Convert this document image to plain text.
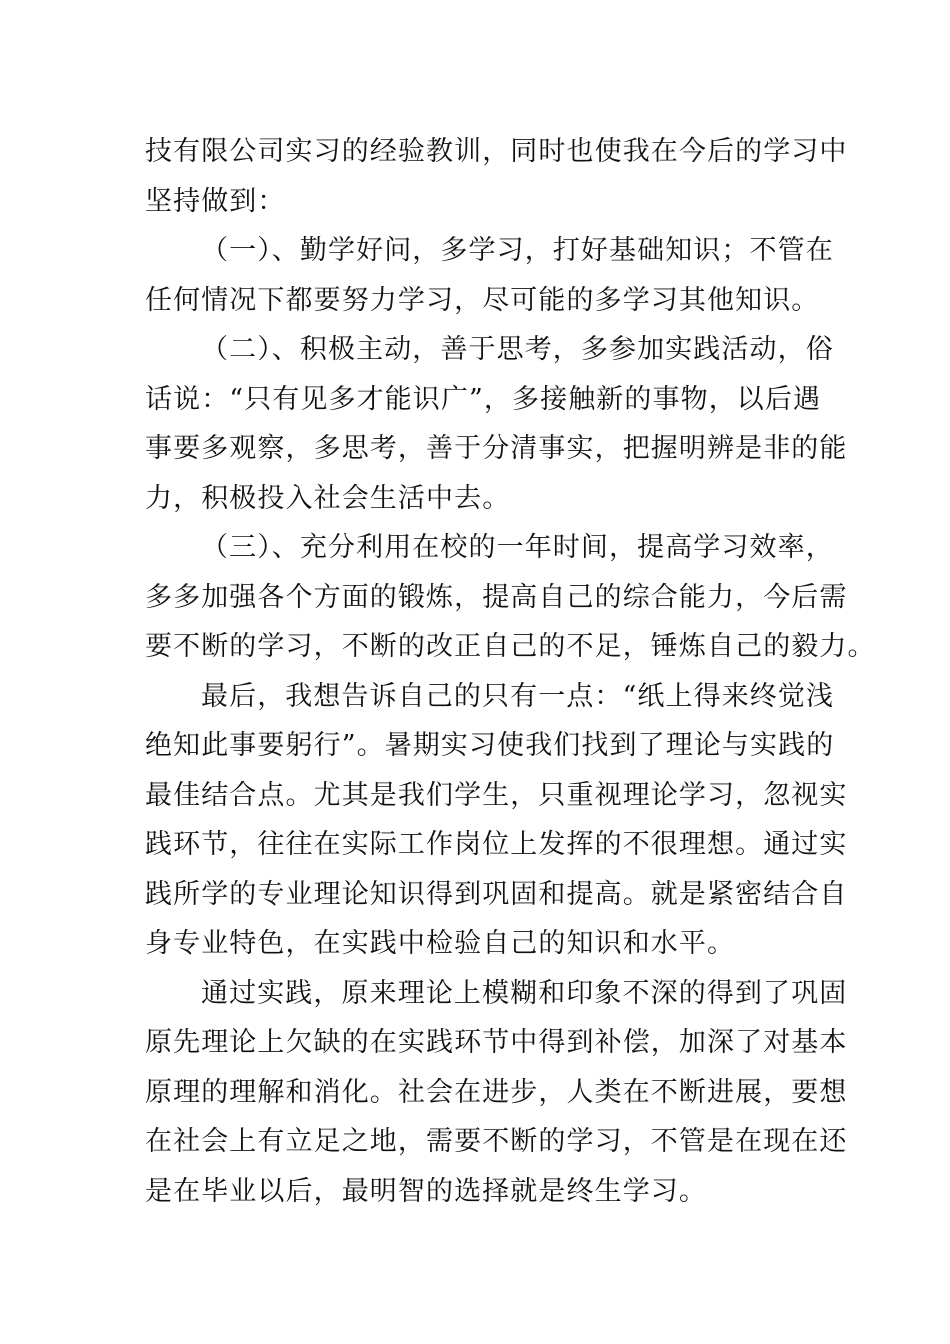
技有限公司实习的经验教训，同时也使我在今后的学习中
坚持做到：
（一）、勤学好问，多学习，打好基础知识；不管在
任何情况下都要努力学习，尽可能的多学习其他知识。
（二）、积极主动，善于思考，多参加实践活动，俗
话说：“只有见多才能识广”，多接触新的事物，以后遇
事要多观察，多思考，善于分清事实，把握明辨是非的能
力，积极投入社会生活中去。
（三）、充分利用在校的一年时间，提高学习效率，
多多加强各个方面的锻炼，提高自己的综合能力，今后需
要不断的学习，不断的改正自己的不足，锤炼自己的毅力。
最后，我想告诉自己的只有一点：“纸上得来终觉浅
绝知此事要躬行”。暑期实习使我们找到了理论与实践的
最佳结合点。尤其是我们学生，只重视理论学习，忽视实
践环节，往往在实际工作岗位上发挥的不很理想。通过实
践所学的专业理论知识得到巩固和提高。就是紧密结合自
身专业特色，在实践中检验自己的知识和水平。
通过实践，原来理论上模糊和印象不深的得到了巩固
原先理论上欠缺的在实践环节中得到补偿，加深了对基本
原理的理解和消化。社会在进步，人类在不断进展，要想
在社会上有立足之地，需要不断的学习，不管是在现在还
是在毕业以后，最明智的选择就是终生学习。
